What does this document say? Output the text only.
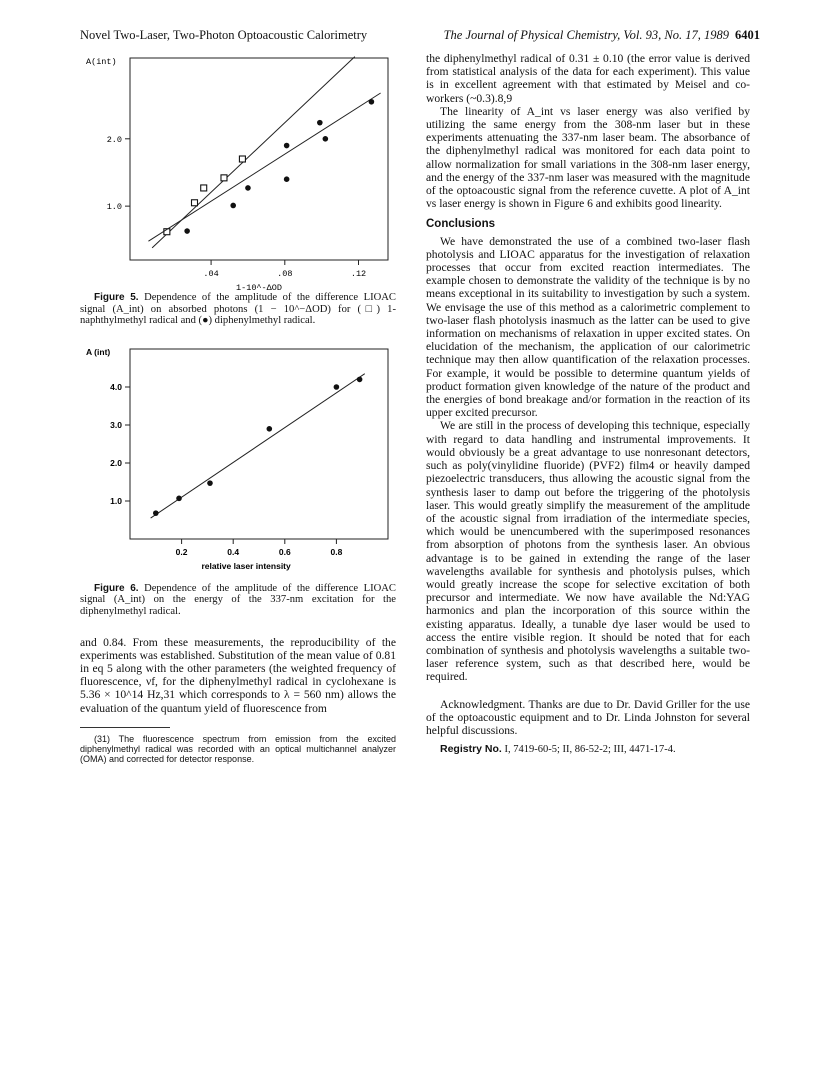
Novel Two-Laser, Two-Photon Optoacoustic Calorimetry	The Journal of Physical Chemistry, Vol. 93, No. 17, 1989 6401
A(int)
1.0
2.0
.04	.08	.12
1-10^-ΔOD

Figure 5. Dependence of the amplitude of the difference LIOAC signal (A_int) on absorbed photons (1 − 10^−ΔOD) for (□) 1-naphthylmethyl radical and (●) diphenylmethyl radical.

A (int)
1.0
2.0
3.0
4.0
0.2	0.4	0.6	0.8
relative laser intensity

Figure 6. Dependence of the amplitude of the difference LIOAC signal (A_int) on the energy of the 337-nm excitation for the diphenylmethyl radical.

and 0.84. From these measurements, the reproducibility of the experiments was established. Substitution of the mean value of 0.81 in eq 5 along with the other parameters (the weighted frequency of fluorescence, νf, for the diphenylmethyl radical in cyclohexane is 5.36 × 10^14 Hz,31 which corresponds to λ = 560 nm) allows the evaluation of the quantum yield of fluorescence from

(31) The fluorescence spectrum from emission from the excited diphenylmethyl radical was recorded with an optical multichannel analyzer (OMA) and corrected for detector response.

the diphenylmethyl radical of 0.31 ± 0.10 (the error value is derived from statistical analysis of the data for each experiment). This value is in excellent agreement with that estimated by Meisel and co-workers (~0.3).8,9

The linearity of A_int vs laser energy was also verified by utilizing the same energy from the 308-nm laser but in these experiments attenuating the 337-nm laser beam. The absorbance of the diphenylmethyl radical was monitored for each data point to allow normalization for small variations in the 308-nm laser energy, and the energy of the 337-nm laser was measured with the magnitude of the optoacoustic signal from the reference cuvette. A plot of A_int vs laser energy is shown in Figure 6 and exhibits good linearity.

Conclusions

We have demonstrated the use of a combined two-laser flash photolysis and LIOAC apparatus for the investigation of relaxation processes that occur from excited reaction intermediates. The example chosen to demonstrate the validity of the technique is by no means exceptional in its suitability to investigation by such a system. We envisage the use of this method as a calorimetric complement to two-laser flash photolysis inasmuch as the latter can be used to give information on mechanisms of relaxation in upper excited states. On elucidation of the mechanism, the application of our calorimetric technique may then allow quantification of the relaxation processes. For example, it would be possible to determine quantum yields of product formation given knowledge of the nature of the product and the energies of bond breakage and/or formation in the reaction of its upper excited precursor.

We are still in the process of developing this technique, especially with regard to data handling and instrumental improvements. It would obviously be a great advantage to use nonresonant detectors, such as poly(vinylidine fluoride) (PVF2) film4 or heavily damped piezoelectric transducers, thus allowing the acoustic signal from the synthesis laser to damp out before the triggering of the photolysis laser. This would greatly simplify the measurement of the amplitude of the acoustic signal from irradiation of the intermediate species, which would be unencumbered with the superimposed resonances from absorption of photons from the synthesis laser. An obvious advantage is to be gained in extending the range of the laser wavelengths available for synthesis and photolysis pulses, which would greatly increase the scope for selective excitation of both precursor and intermediate. We now have available the Nd:YAG harmonics and plan the incorporation of this source within the existing apparatus. Ideally, a tunable dye laser would be used to access the entire visible region. It should be noted that for each combination of synthesis and photolysis wavelengths a suitable two-laser reference system, such as that described here, would be required.

Acknowledgment. Thanks are due to Dr. David Griller for the use of the optoacoustic equipment and to Dr. Linda Johnston for several helpful discussions.

Registry No. I, 7419-60-5; II, 86-52-2; III, 4471-17-4.
